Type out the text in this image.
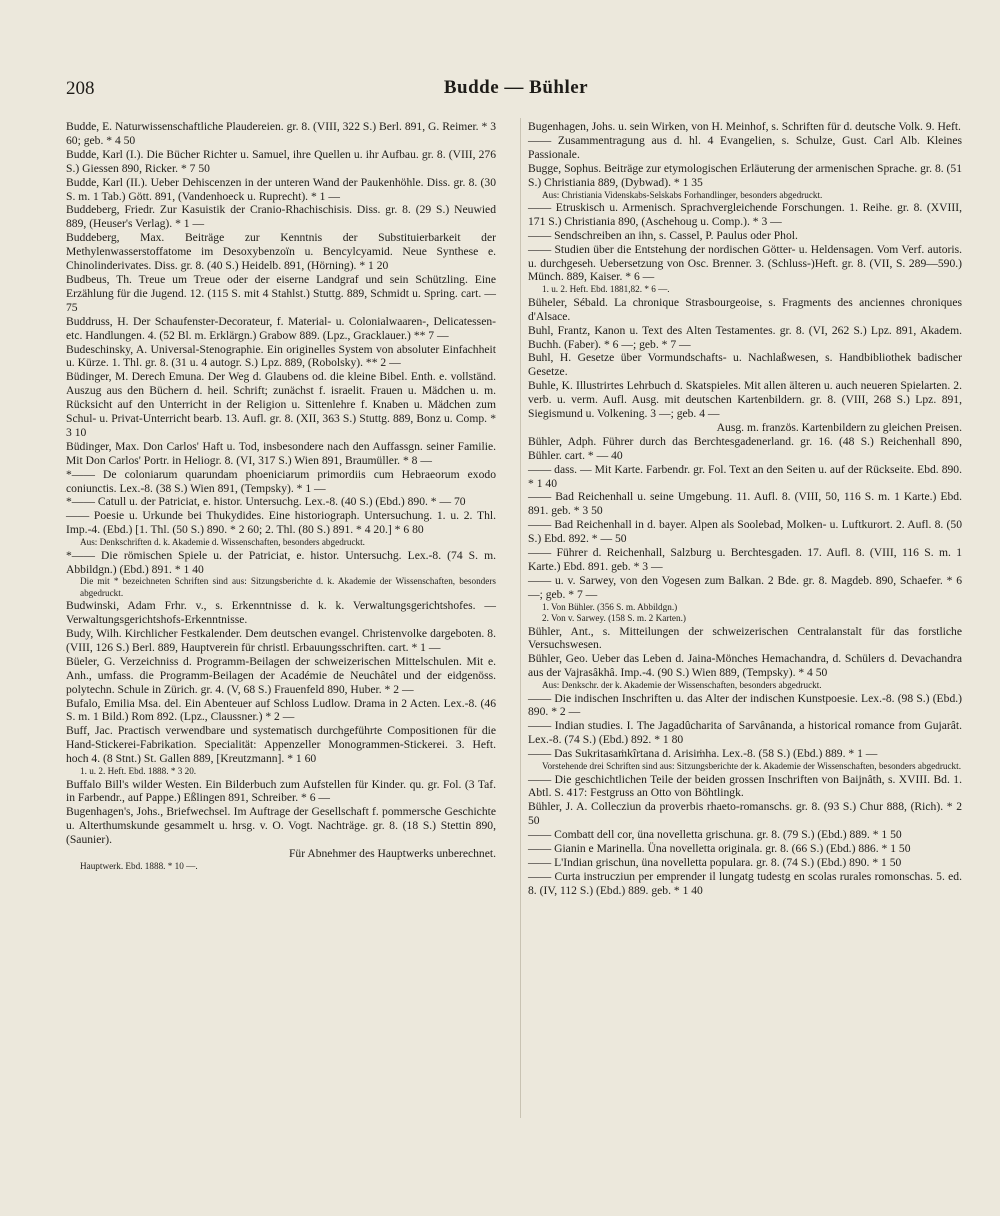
208	Budde — Bühler

Budde, E. Naturwissenschaftliche Plaudereien. gr. 8. (VIII, 322 S.) Berl. 891, G. Reimer. * 3 60; geb. * 4 50

Budde, Karl (I.). Die Bücher Richter u. Samuel, ihre Quellen u. ihr Aufbau. gr. 8. (VIII, 276 S.) Giessen 890, Ricker. * 7 50

Budde, Karl (II.). Ueber Dehiscenzen in der unteren Wand der Paukenhöhle. Diss. gr. 8. (30 S. m. 1 Tab.) Gött. 891, (Vandenhoeck u. Ruprecht). * 1 —

Buddeberg, Friedr. Zur Kasuistik der Cranio-Rhachischisis. Diss. gr. 8. (29 S.) Neuwied 889, (Heuser's Verlag). * 1 —

Buddeberg, Max. Beiträge zur Kenntnis der Substituierbarkeit der Methylenwasserstoffatome im Desoxybenzoïn u. Bencylcyamid. Neue Synthese e. Chinolinderivates. Diss. gr. 8. (40 S.) Heidelb. 891, (Hörning). * 1 20

Budbeus, Th. Treue um Treue oder der eiserne Landgraf und sein Schützling. Eine Erzählung für die Jugend. 12. (115 S. mit 4 Stahlst.) Stuttg. 889, Schmidt u. Spring. cart. — 75

Buddruss, H. Der Schaufenster-Decorateur, f. Material- u. Colonialwaaren-, Delicatessen- etc. Handlungen. 4. (52 Bl. m. Erklärgn.) Grabow 889. (Lpz., Gracklauer.) ** 7 —

Budeschinsky, A. Universal-Stenographie. Ein originelles System von absoluter Einfachheit u. Kürze. 1. Thl. gr. 8. (31 u. 4 autogr. S.) Lpz. 889, (Robolsky). ** 2 —

Büdinger, M. Derech Emuna. Der Weg d. Glaubens od. die kleine Bibel. Enth. e. vollständ. Auszug aus den Büchern d. heil. Schrift; zunächst f. israelit. Frauen u. Mädchen u. m. Rücksicht auf den Unterricht in der Religion u. Sittenlehre f. Knaben u. Mädchen zum Schul- u. Privat-Unterricht bearb. 13. Aufl. gr. 8. (XII, 363 S.) Stuttg. 889, Bonz u. Comp. * 3 10

Büdinger, Max. Don Carlos' Haft u. Tod, insbesondere nach den Auffassgn. seiner Familie. Mit Don Carlos' Portr. in Heliogr. 8. (VI, 317 S.) Wien 891, Braumüller. * 8 —

*—— De coloniarum quarundam phoeniciarum primordiis cum Hebraeorum exodo coniunctis. Lex.-8. (38 S.) Wien 891, (Tempsky). * 1 —

*—— Catull u. der Patriciat, e. histor. Untersuchg. Lex.-8. (40 S.) (Ebd.) 890. * — 70

—— Poesie u. Urkunde bei Thukydides. Eine historiograph. Untersuchung. 1. u. 2. Thl. Imp.-4. (Ebd.) [1. Thl. (50 S.) 890. * 2 60; 2. Thl. (80 S.) 891. * 4 20.] * 6 80

Aus: Denkschriften d. k. Akademie d. Wissenschaften, besonders abgedruckt.

*—— Die römischen Spiele u. der Patriciat, e. histor. Untersuchg. Lex.-8. (74 S. m. Abbildgn.) (Ebd.) 891. * 1 40

Die mit * bezeichneten Schriften sind aus: Sitzungsberichte d. k. Akademie der Wissenschaften, besonders abgedruckt.

Budwinski, Adam Frhr. v., s. Erkenntnisse d. k. k. Verwaltungsgerichtshofes. — Verwaltungsgerichtshofs-Erkenntnisse.

Budy, Wilh. Kirchlicher Festkalender. Dem deutschen evangel. Christenvolke dargeboten. 8. (VIII, 126 S.) Berl. 889, Hauptverein für christl. Erbauungsschriften. cart. * 1 —

Büeler, G. Verzeichniss d. Programm-Beilagen der schweizerischen Mittelschulen. Mit e. Anh., umfass. die Programm-Beilagen der Académie de Neuchâtel und der eidgenöss. polytechn. Schule in Zürich. gr. 4. (V, 68 S.) Frauenfeld 890, Huber. * 2 —

Bufalo, Emilia Msa. del. Ein Abenteuer auf Schloss Ludlow. Drama in 2 Acten. Lex.-8. (46 S. m. 1 Bild.) Rom 892. (Lpz., Claussner.) * 2 —

Buff, Jac. Practisch verwendbare und systematisch durchgeführte Compositionen für die Hand-Stickerei-Fabrikation. Specialität: Appenzeller Monogrammen-Stickerei. 3. Heft. hoch 4. (8 Stnt.) St. Gallen 889, [Kreutzmann]. * 1 60

1. u. 2. Heft. Ebd. 1888. * 3 20.

Buffalo Bill's wilder Westen. Ein Bilderbuch zum Aufstellen für Kinder. qu. gr. Fol. (3 Taf. in Farbendr., auf Pappe.) Eßlingen 891, Schreiber. * 6 —

Bugenhagen's, Johs., Briefwechsel. Im Auftrage der Gesellschaft f. pommersche Geschichte u. Alterthumskunde gesammelt u. hrsg. v. O. Vogt. Nachträge. gr. 8. (18 S.) Stettin 890, (Saunier).

Für Abnehmer des Hauptwerks unberechnet.

Hauptwerk. Ebd. 1888. * 10 —.

Bugenhagen, Johs. u. sein Wirken, von H. Meinhof, s. Schriften für d. deutsche Volk. 9. Heft.

—— Zusammentragung aus d. hl. 4 Evangelien, s. Schulze, Gust. Carl Alb. Kleines Passionale.

Bugge, Sophus. Beiträge zur etymologischen Erläuterung der armenischen Sprache. gr. 8. (51 S.) Christiania 889, (Dybwad). * 1 35

Aus: Christiania Videnskabs-Selskabs Forhandlinger, besonders abgedruckt.

—— Etruskisch u. Armenisch. Sprachvergleichende Forschungen. 1. Reihe. gr. 8. (XVIII, 171 S.) Christiania 890, (Aschehoug u. Comp.). * 3 —

—— Sendschreiben an ihn, s. Cassel, P. Paulus oder Phol.

—— Studien über die Entstehung der nordischen Götter- u. Heldensagen. Vom Verf. autoris. u. durchgeseh. Uebersetzung von Osc. Brenner. 3. (Schluss-)Heft. gr. 8. (VII, S. 289—590.) Münch. 889, Kaiser. * 6 —

1. u. 2. Heft. Ebd. 1881,82. * 6 —.

Büheler, Sébald. La chronique Strasbourgeoise, s. Fragments des anciennes chroniques d'Alsace.

Buhl, Frantz, Kanon u. Text des Alten Testamentes. gr. 8. (VI, 262 S.) Lpz. 891, Akadem. Buchh. (Faber). * 6 —; geb. * 7 —

Buhl, H. Gesetze über Vormundschafts- u. Nachlaßwesen, s. Handbibliothek badischer Gesetze.

Buhle, K. Illustrirtes Lehrbuch d. Skatspieles. Mit allen älteren u. auch neueren Spielarten. 2. verb. u. verm. Aufl. Ausg. mit deutschen Kartenbildern. gr. 8. (VIII, 268 S.) Lpz. 891, Siegismund u. Volkening. 3 —; geb. 4 —

Ausg. m. französ. Kartenbildern zu gleichen Preisen.

Bühler, Adph. Führer durch das Berchtesgadenerland. gr. 16. (48 S.) Reichenhall 890, Bühler. cart. * — 40

—— dass. — Mit Karte. Farbendr. gr. Fol. Text an den Seiten u. auf der Rückseite. Ebd. 890. * 1 40

—— Bad Reichenhall u. seine Umgebung. 11. Aufl. 8. (VIII, 50, 116 S. m. 1 Karte.) Ebd. 891. geb. * 3 50

—— Bad Reichenhall in d. bayer. Alpen als Soolebad, Molken- u. Luftkurort. 2. Aufl. 8. (50 S.) Ebd. 892. * — 50

—— Führer d. Reichenhall, Salzburg u. Berchtesgaden. 17. Aufl. 8. (VIII, 116 S. m. 1 Karte.) Ebd. 891. geb. * 3 —

—— u. v. Sarwey, von den Vogesen zum Balkan. 2 Bde. gr. 8. Magdeb. 890, Schaefer. * 6 —; geb. * 7 —

1. Von Bühler. (356 S. m. Abbildgn.)

2. Von v. Sarwey. (158 S. m. 2 Karten.)

Bühler, Ant., s. Mitteilungen der schweizerischen Centralanstalt für das forstliche Versuchswesen.

Bühler, Geo. Ueber das Leben d. Jaina-Mönches Hemachandra, d. Schülers d. Devachandra aus der Vajrasâkhâ. Imp.-4. (90 S.) Wien 889, (Tempsky). * 4 50

Aus: Denkschr. der k. Akademie der Wissenschaften, besonders abgedruckt.

—— Die indischen Inschriften u. das Alter der indischen Kunstpoesie. Lex.-8. (98 S.) (Ebd.) 890. * 2 —

—— Indian studies. I. The Jagadûcharita of Sarvânanda, a historical romance from Gujarât. Lex.-8. (74 S.) (Ebd.) 892. * 1 80

—— Das Sukritasaṁkîrtana d. Arisiṁha. Lex.-8. (58 S.) (Ebd.) 889. * 1 —

Vorstehende drei Schriften sind aus: Sitzungsberichte der k. Akademie der Wissenschaften, besonders abgedruckt.

—— Die geschichtlichen Teile der beiden grossen Inschriften von Baijnâth, s. XVIII. Bd. 1. Abtl. S. 417: Festgruss an Otto von Böhtlingk.

Bühler, J. A. Collecziun da proverbis rhaeto-romanschs. gr. 8. (93 S.) Chur 888, (Rich). * 2 50

—— Combatt dell cor, üna novelletta grischuna. gr. 8. (79 S.) (Ebd.) 889. * 1 50

—— Gianin e Marinella. Üna novelletta originala. gr. 8. (66 S.) (Ebd.) 886. * 1 50

—— L'Indian grischun, üna novelletta populara. gr. 8. (74 S.) (Ebd.) 890. * 1 50

—— Curta instrucziun per emprender il lungatg tudestg en scolas rurales romonschas. 5. ed. 8. (IV, 112 S.) (Ebd.) 889. geb. * 1 40
